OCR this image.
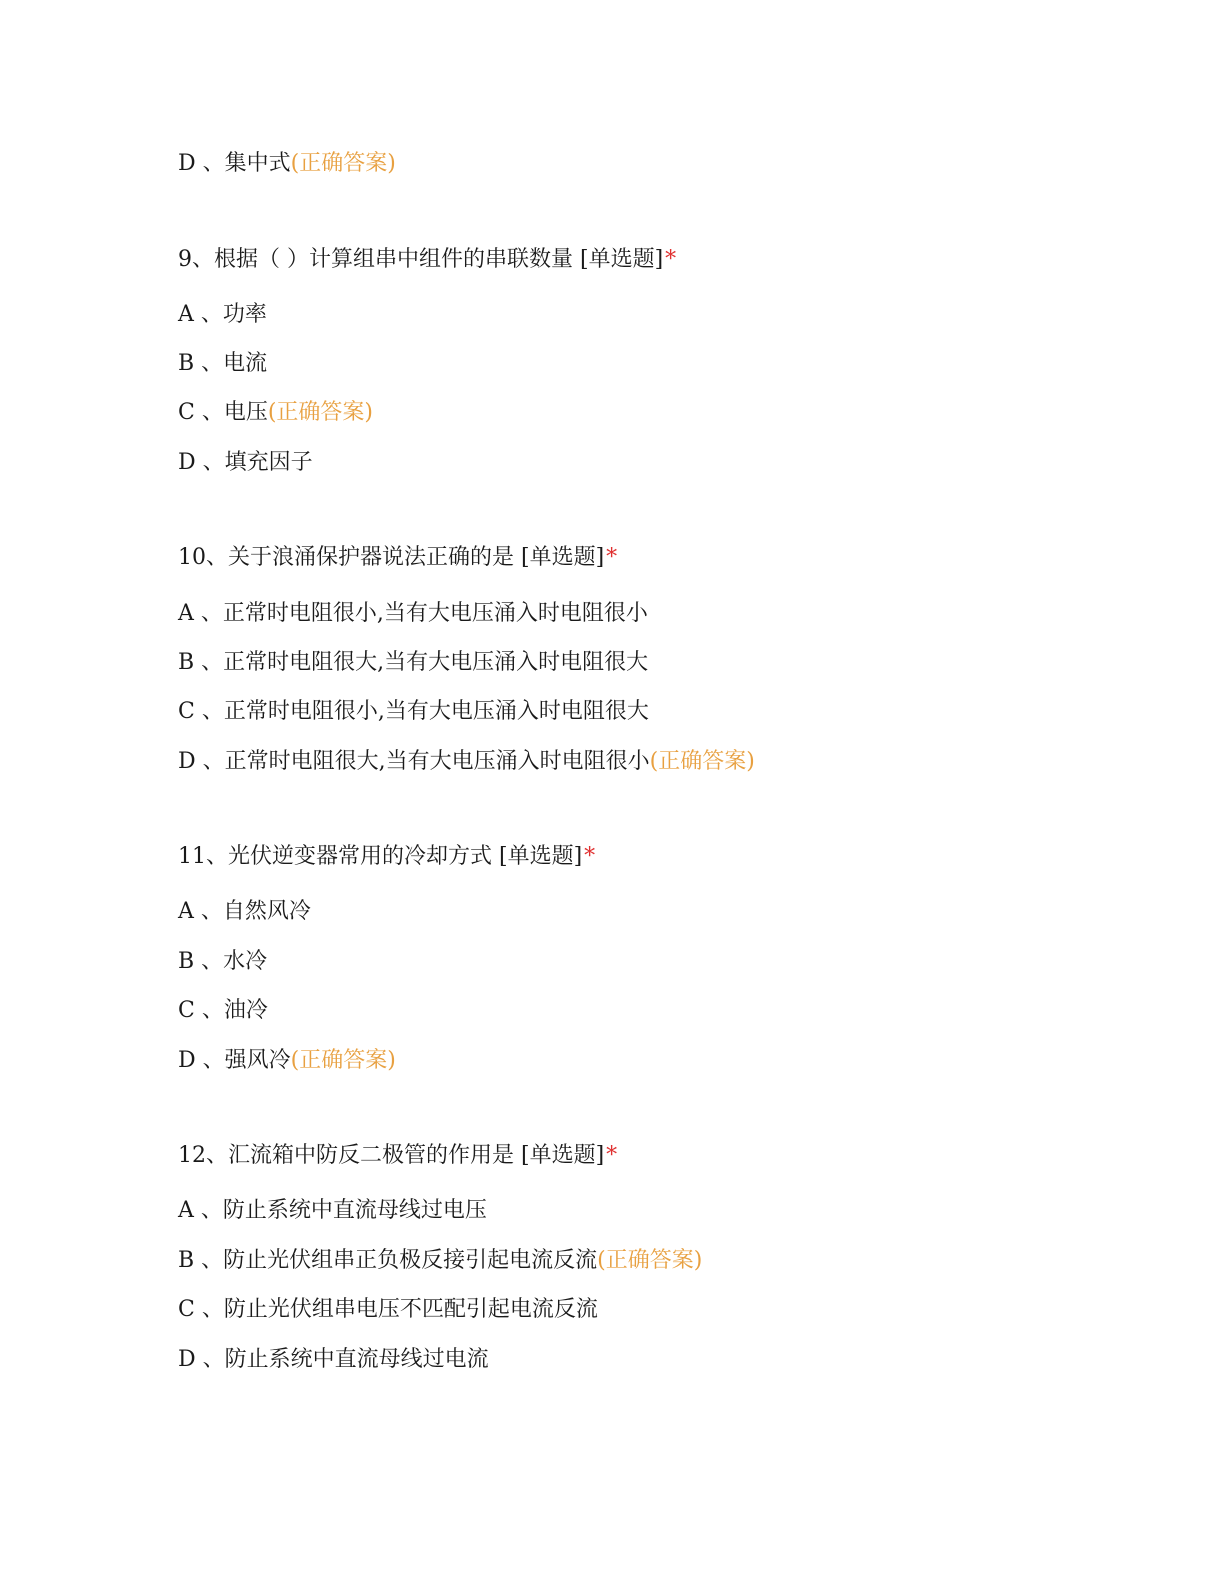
D 、集中式(正确答案)
9、根据（ ）计算组串中组件的串联数量 [单选题]*
A 、功率
B 、电流
C 、电压(正确答案)
D 、填充因子
10、关于浪涌保护器说法正确的是 [单选题]*
A 、正常时电阻很小,当有大电压涌入时电阻很小
B 、正常时电阻很大,当有大电压涌入时电阻很大
C 、正常时电阻很小,当有大电压涌入时电阻很大
D 、正常时电阻很大,当有大电压涌入时电阻很小(正确答案)
11、光伏逆变器常用的冷却方式 [单选题]*
A 、自然风冷
B 、水冷
C 、油冷
D 、强风冷(正确答案)
12、汇流箱中防反二极管的作用是 [单选题]*
A 、防止系统中直流母线过电压
B 、防止光伏组串正负极反接引起电流反流(正确答案)
C 、防止光伏组串电压不匹配引起电流反流
D 、防止系统中直流母线过电流
